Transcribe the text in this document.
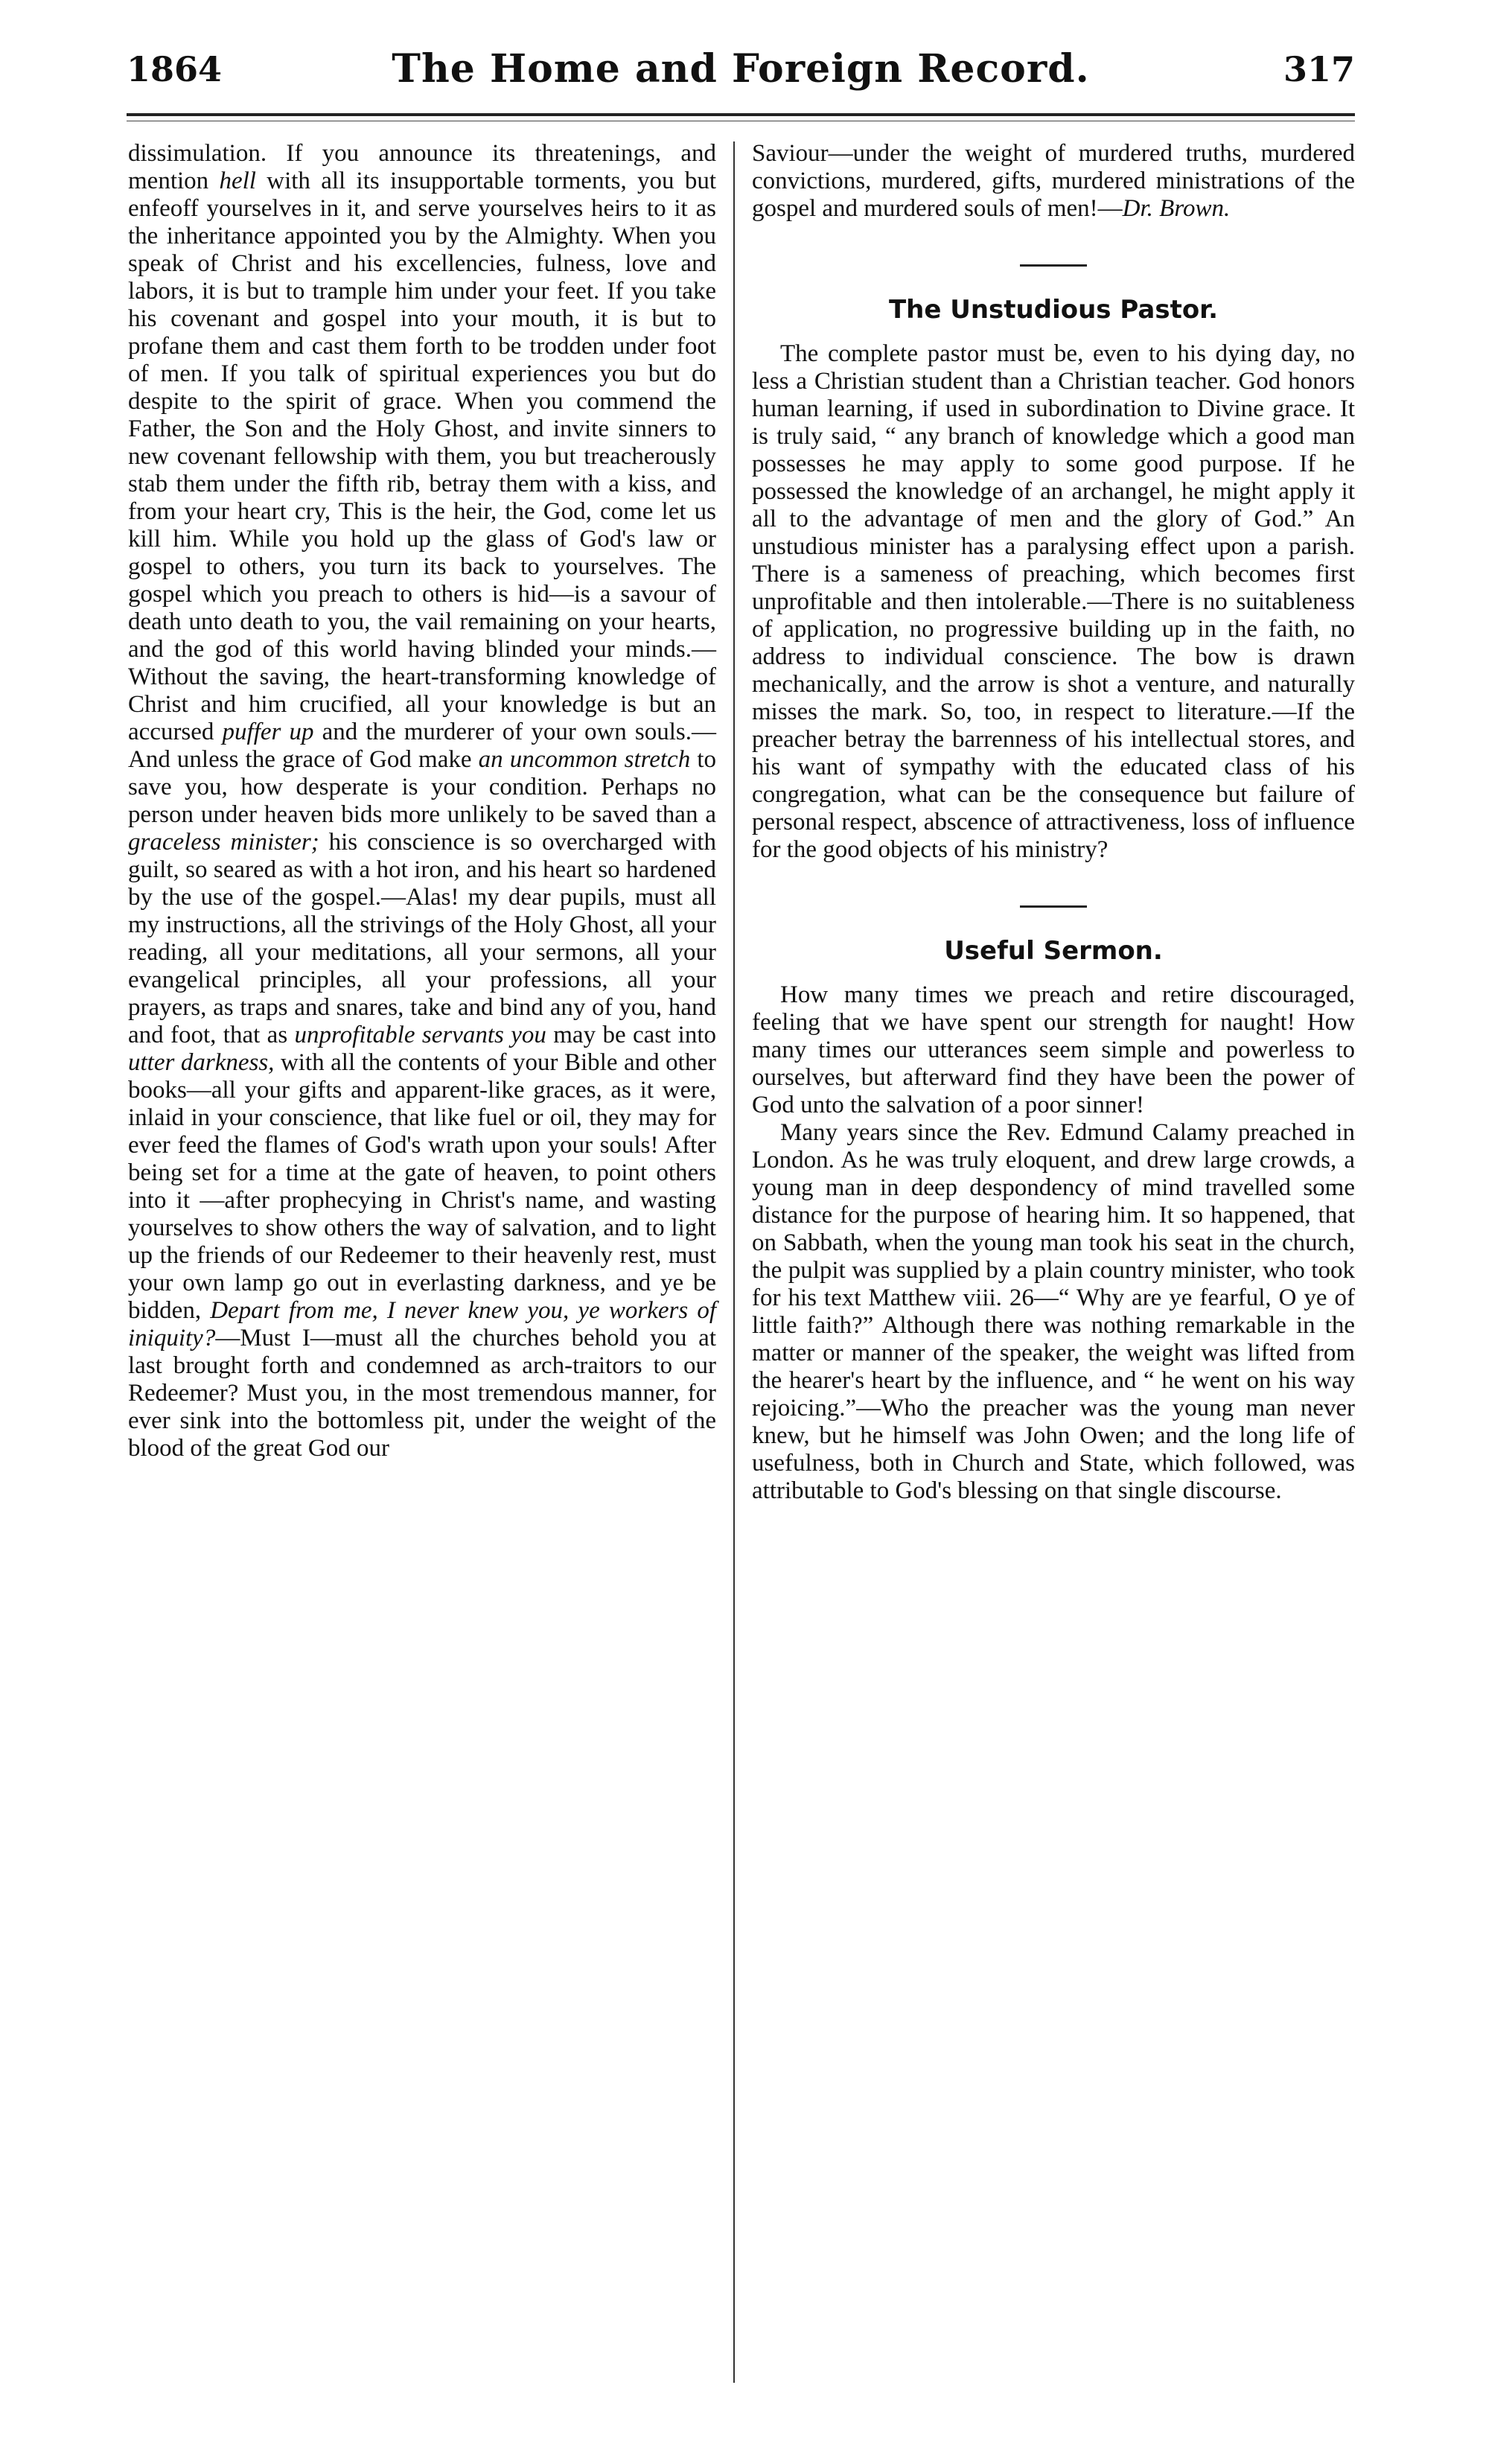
1864	The Home and Foreign Record.	317

dissimulation. If you announce its threatenings, and mention hell with all its insupportable torments, you but enfeoff yourselves in it, and serve yourselves heirs to it as the inheritance appointed you by the Almighty. When you speak of Christ and his excellencies, fulness, love and labors, it is but to trample him under your feet. If you take his covenant and gospel into your mouth, it is but to profane them and cast them forth to be trodden under foot of men. If you talk of spiritual experiences you but do despite to the spirit of grace. When you commend the Father, the Son and the Holy Ghost, and invite sinners to new covenant fellowship with them, you but treacherously stab them under the fifth rib, betray them with a kiss, and from your heart cry, This is the heir, the God, come let us kill him. While you hold up the glass of God's law or gospel to others, you turn its back to yourselves. The gospel which you preach to others is hid—is a savour of death unto death to you, the vail remaining on your hearts, and the god of this world having blinded your minds.—Without the saving, the heart-transforming knowledge of Christ and him crucified, all your knowledge is but an accursed puffer up and the murderer of your own souls.—And unless the grace of God make an uncommon stretch to save you, how desperate is your condition. Perhaps no person under heaven bids more unlikely to be saved than a graceless minister; his conscience is so overcharged with guilt, so seared as with a hot iron, and his heart so hardened by the use of the gospel.—Alas! my dear pupils, must all my instructions, all the strivings of the Holy Ghost, all your reading, all your meditations, all your sermons, all your evangelical principles, all your professions, all your prayers, as traps and snares, take and bind any of you, hand and foot, that as unprofitable servants you may be cast into utter darkness, with all the contents of your Bible and other books—all your gifts and apparent-like graces, as it were, inlaid in your conscience, that like fuel or oil, they may for ever feed the flames of God's wrath upon your souls! After being set for a time at the gate of heaven, to point others into it —after prophecying in Christ's name, and wasting yourselves to show others the way of salvation, and to light up the friends of our Redeemer to their heavenly rest, must your own lamp go out in everlasting darkness, and ye be bidden, Depart from me, I never knew you, ye workers of iniquity?—Must I—must all the churches behold you at last brought forth and condemned as arch-traitors to our Redeemer? Must you, in the most tremendous manner, for ever sink into the bottomless pit, under the weight of the blood of the great God our

Saviour—under the weight of murdered truths, murdered convictions, murdered, gifts, murdered ministrations of the gospel and murdered souls of men!—Dr. Brown.

The Unstudious Pastor.

The complete pastor must be, even to his dying day, no less a Christian student than a Christian teacher. God honors human learning, if used in subordination to Divine grace. It is truly said, “ any branch of knowledge which a good man possesses he may apply to some good purpose. If he possessed the knowledge of an archangel, he might apply it all to the advantage of men and the glory of God.” An unstudious minister has a paralysing effect upon a parish. There is a sameness of preaching, which becomes first unprofitable and then intolerable.—There is no suitableness of application, no progressive building up in the faith, no address to individual conscience. The bow is drawn mechanically, and the arrow is shot a venture, and naturally misses the mark. So, too, in respect to literature.—If the preacher betray the barrenness of his intellectual stores, and his want of sympathy with the educated class of his congregation, what can be the consequence but failure of personal respect, abscence of attractiveness, loss of influence for the good objects of his ministry?

Useful Sermon.

How many times we preach and retire discouraged, feeling that we have spent our strength for naught! How many times our utterances seem simple and powerless to ourselves, but afterward find they have been the power of God unto the salvation of a poor sinner!

Many years since the Rev. Edmund Calamy preached in London. As he was truly eloquent, and drew large crowds, a young man in deep despondency of mind travelled some distance for the purpose of hearing him. It so happened, that on Sabbath, when the young man took his seat in the church, the pulpit was supplied by a plain country minister, who took for his text Matthew viii. 26—“ Why are ye fearful, O ye of little faith?” Although there was nothing remarkable in the matter or manner of the speaker, the weight was lifted from the hearer's heart by the influence, and “ he went on his way rejoicing.”—Who the preacher was the young man never knew, but he himself was John Owen; and the long life of usefulness, both in Church and State, which followed, was attributable to God's blessing on that single discourse.
